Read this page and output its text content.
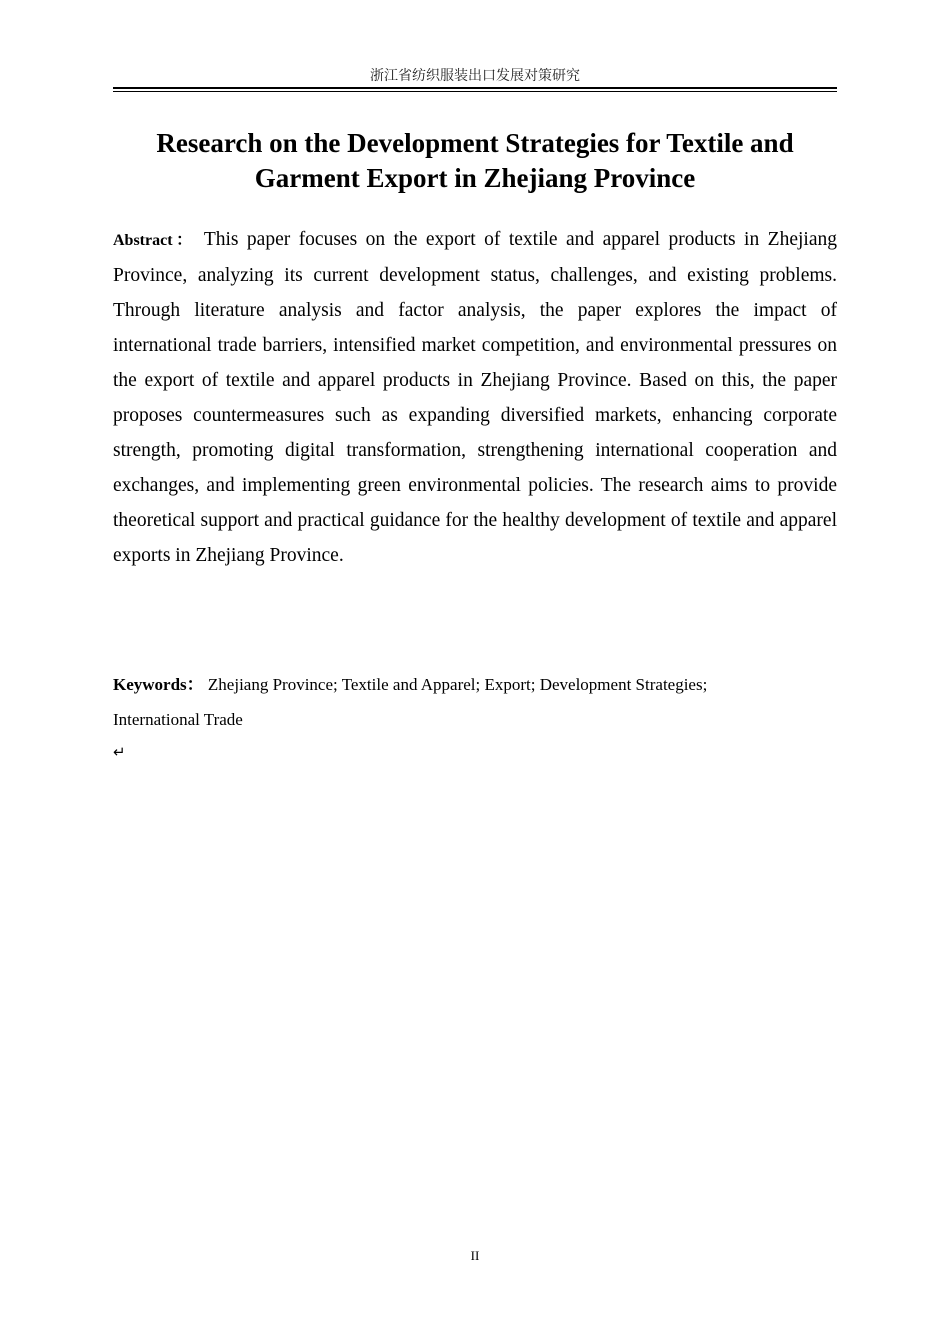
浙江省纺织服装出口发展对策研究
Research on the Development Strategies for Textile and
Garment Export in Zhejiang Province

Abstract： This paper focuses on the export of textile and apparel products in Zhejiang Province, analyzing its current development status, challenges, and existing problems. Through literature analysis and factor analysis, the paper explores the impact of international trade barriers, intensified market competition, and environmental pressures on the export of textile and apparel products in Zhejiang Province. Based on this, the paper proposes countermeasures such as expanding diversified markets, enhancing corporate strength, promoting digital transformation, strengthening international cooperation and exchanges, and implementing green environmental policies. The research aims to provide theoretical support and practical guidance for the healthy development of textile and apparel exports in Zhejiang Province.

Keywords： Zhejiang Province; Textile and Apparel; Export; Development Strategies;
International Trade

↵
II
